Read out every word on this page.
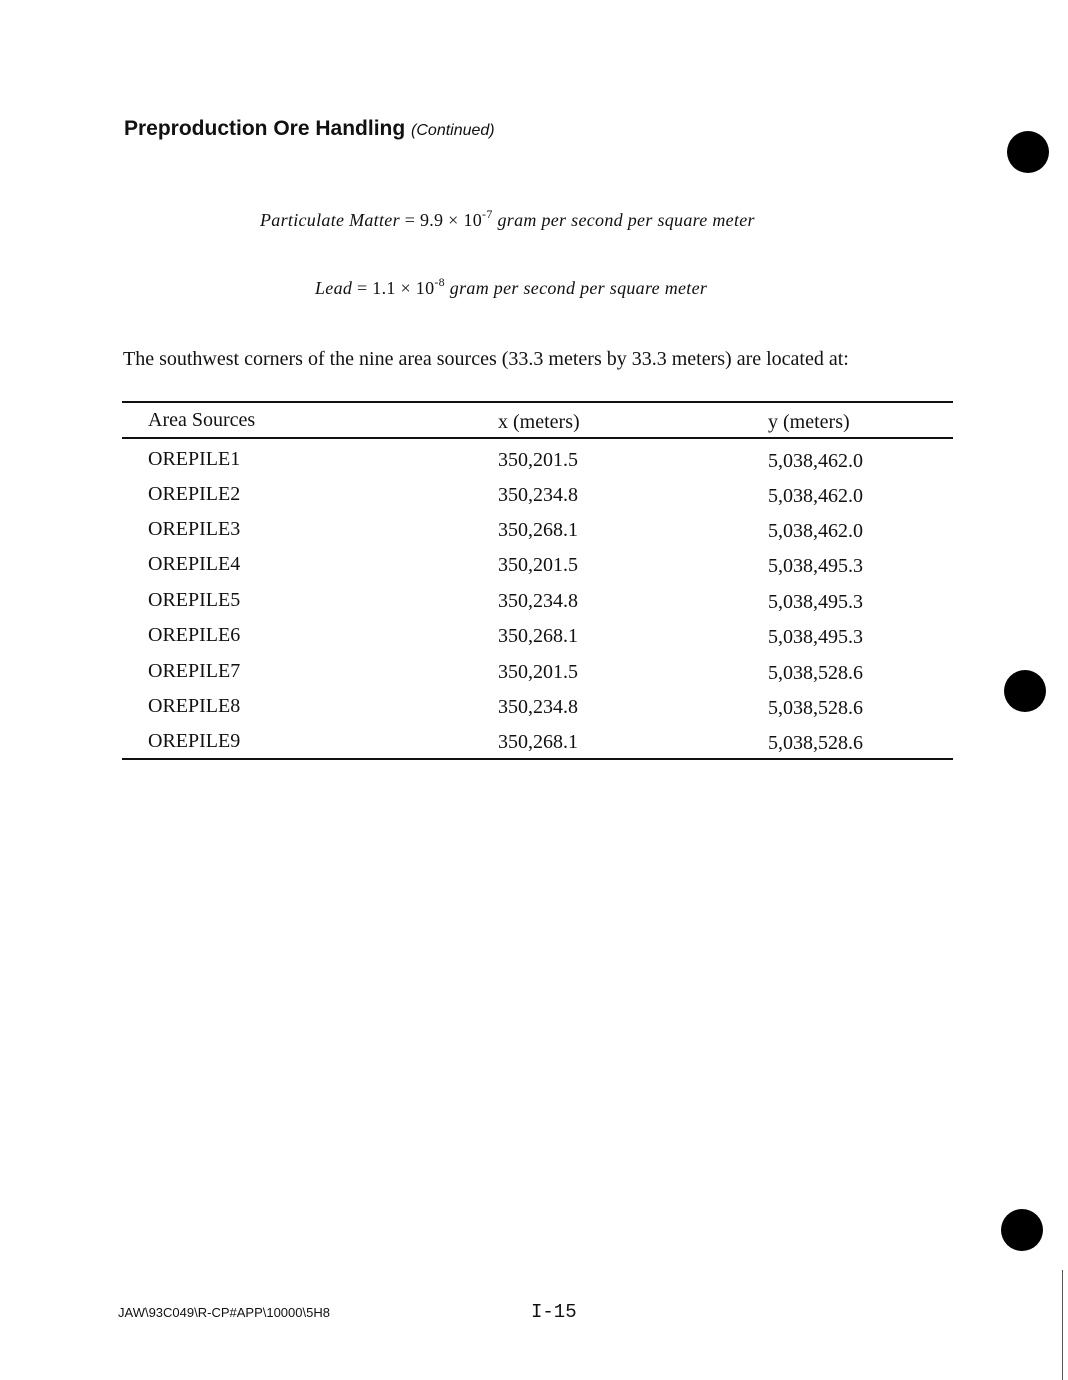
Preproduction Ore Handling (Continued)
Particulate Matter = $9.9 \times 10^{-7}$ gram per second per square meter
Lead = $1.1 \times 10^{-8}$ gram per second per square meter
The southwest corners of the nine area sources (33.3 meters by 33.3 meters) are located at:
Area Sources	x (meters)	y (meters)
OREPILE1	350,201.5	5,038,462.0
OREPILE2	350,234.8	5,038,462.0
OREPILE3	350,268.1	5,038,462.0
OREPILE4	350,201.5	5,038,495.3
OREPILE5	350,234.8	5,038,495.3
OREPILE6	350,268.1	5,038,495.3
OREPILE7	350,201.5	5,038,528.6
OREPILE8	350,234.8	5,038,528.6
OREPILE9	350,268.1	5,038,528.6
JAW\93C049\R-CP#APP\10000\5H8	I-15
